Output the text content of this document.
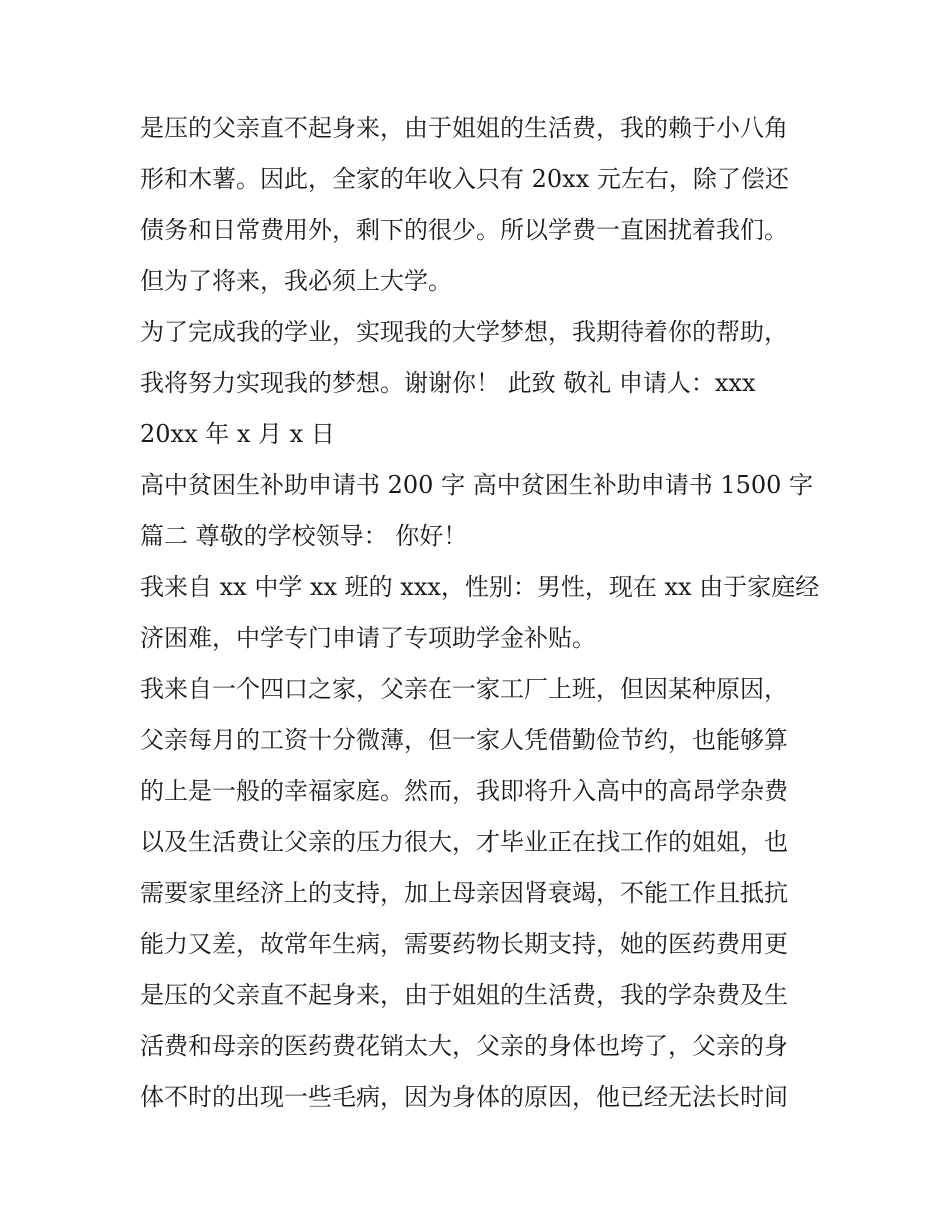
是压的父亲直不起身来，由于姐姐的生活费，我的赖于小八角
形和木薯。因此，全家的年收入只有 20xx 元左右，除了偿还
债务和日常费用外，剩下的很少。所以学费一直困扰着我们。
但为了将来，我必须上大学。
为了完成我的学业，实现我的大学梦想，我期待着你的帮助，
我将努力实现我的梦想。谢谢你！ 此致 敬礼 申请人：xxx
20xx 年 x 月 x 日
高中贫困生补助申请书 200 字 高中贫困生补助申请书 1500 字
篇二 尊敬的学校领导： 你好！
我来自 xx 中学 xx 班的 xxx，性别：男性，现在 xx 由于家庭经
济困难，中学专门申请了专项助学金补贴。
我来自一个四口之家，父亲在一家工厂上班，但因某种原因，
父亲每月的工资十分微薄，但一家人凭借勤俭节约，也能够算
的上是一般的幸福家庭。然而，我即将升入高中的高昂学杂费
以及生活费让父亲的压力很大，才毕业正在找工作的姐姐，也
需要家里经济上的支持，加上母亲因肾衰竭，不能工作且抵抗
能力又差，故常年生病，需要药物长期支持，她的医药费用更
是压的父亲直不起身来，由于姐姐的生活费，我的学杂费及生
活费和母亲的医药费花销太大，父亲的身体也垮了，父亲的身
体不时的出现一些毛病，因为身体的原因，他已经无法长时间
